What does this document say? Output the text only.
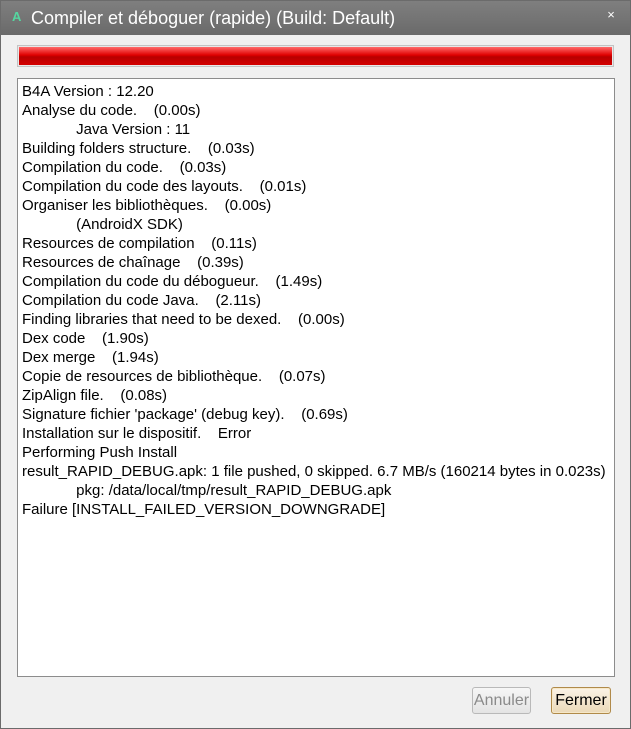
A Compiler et déboguer (rapide) (Build: Default)	×
B4A Version : 12.20
Analyse du code.    (0.00s)
Java Version : 11
Building folders structure.    (0.03s)
Compilation du code.    (0.03s)
Compilation du code des layouts.    (0.01s)
Organiser les bibliothèques.    (0.00s)
(AndroidX SDK)
Resources de compilation    (0.11s)
Resources de chaînage    (0.39s)
Compilation du code du débogueur.    (1.49s)
Compilation du code Java.    (2.11s)
Finding libraries that need to be dexed.    (0.00s)
Dex code    (1.90s)
Dex merge    (1.94s)
Copie de resources de bibliothèque.    (0.07s)
ZipAlign file.    (0.08s)
Signature fichier 'package' (debug key).    (0.69s)
Installation sur le dispositif.    Error
Performing Push Install
result_RAPID_DEBUG.apk: 1 file pushed, 0 skipped. 6.7 MB/s (160214 bytes in 0.023s)
pkg: /data/local/tmp/result_RAPID_DEBUG.apk
Failure [INSTALL_FAILED_VERSION_DOWNGRADE]
Annuler Fermer
